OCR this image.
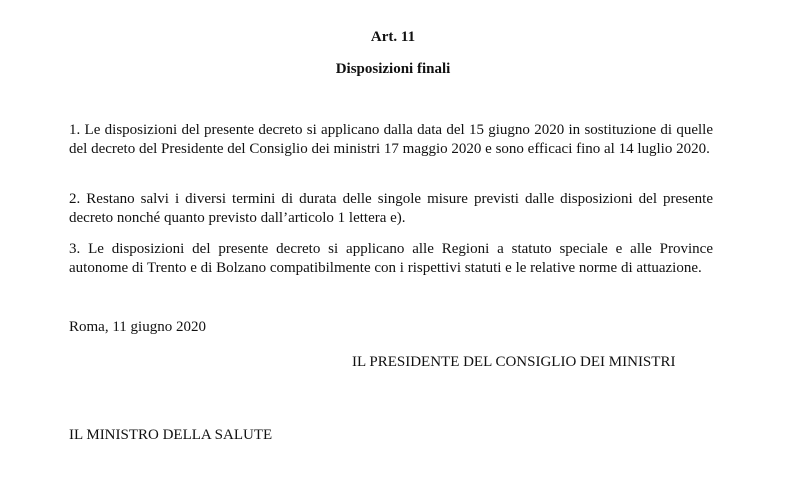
Art. 11
Disposizioni finali

1. Le disposizioni del presente decreto si applicano dalla data del 15 giugno 2020 in sostituzione di quelle del decreto del Presidente del Consiglio dei ministri 17 maggio 2020 e sono efficaci fino al 14 luglio 2020.

2. Restano salvi i diversi termini di durata delle singole misure previsti dalle disposizioni del presente decreto nonché quanto previsto dall’articolo 1 lettera e).

3. Le disposizioni del presente decreto si applicano alle Regioni a statuto speciale e alle Province autonome di Trento e di Bolzano compatibilmente con i rispettivi statuti e le relative norme di attuazione.

Roma, 11 giugno 2020
IL PRESIDENTE DEL CONSIGLIO DEI MINISTRI
IL MINISTRO DELLA SALUTE
